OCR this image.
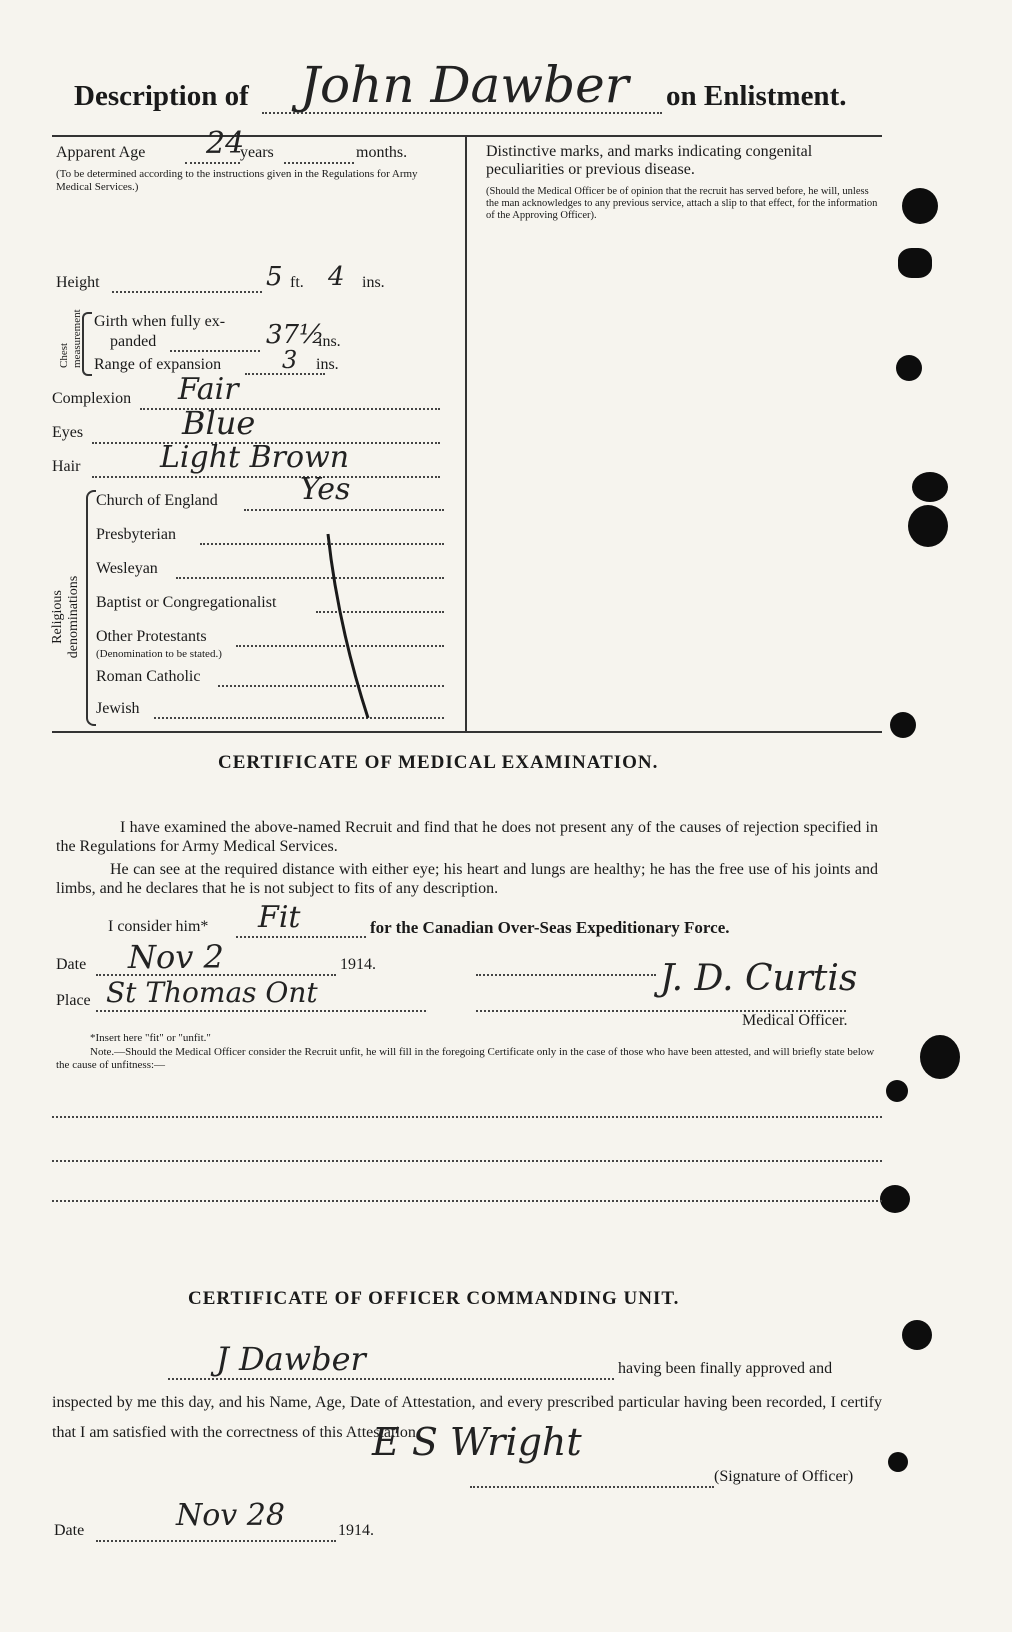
Description of John Dawber on Enlistment.
Apparent Age 24
years	months.
(To be determined according to the instructions given in the Regulations for Army Medical Services.)
Height	5 ft. 4 ins.
Chest measurement Girth when fully ex-
panded	37½
ins.
Range of expansion	3 ins.
Complexion Fair
Eyes	Blue
Hair	Light Brown
Religious denominations
Church of England	Yes
Presbyterian
Wesleyan
Baptist or Congregationalist
Other Protestants
(Denomination to be stated.)
Roman Catholic
Jewish
Distinctive marks, and marks indicating congenital peculiarities or previous disease.
(Should the Medical Officer be of opinion that the recruit has served before, he will, unless the man acknowledges to any previous service, attach a slip to that effect, for the information of the Approving Officer).
CERTIFICATE OF MEDICAL EXAMINATION.
I have examined the above-named Recruit and find that he does not present any of the causes of rejection specified in the Regulations for Army Medical Services.
He can see at the required distance with either eye; his heart and lungs are healthy; he has the free use of his joints and limbs, and he declares that he is not subject to fits of any description.
I consider him* Fit	for the Canadian Over-Seas Expeditionary Force.
Date Nov 2	1914.
Place St Thomas Ont	J. D. Curtis
Medical Officer.
*Insert here "fit" or "unfit."
Note.—Should the Medical Officer consider the Recruit unfit, he will fill in the foregoing Certificate only in the case of those who have been attested, and will briefly state below the cause of unfitness:—
CERTIFICATE OF OFFICER COMMANDING UNIT.
J Dawber	having been finally approved and
inspected by me this day, and his Name, Age, Date of Attestation, and every prescribed particular having been recorded, I certify that I am satisfied with the correctness of this Attestation.
E S Wright
(Signature of Officer)
Date	Nov 28	1914.
